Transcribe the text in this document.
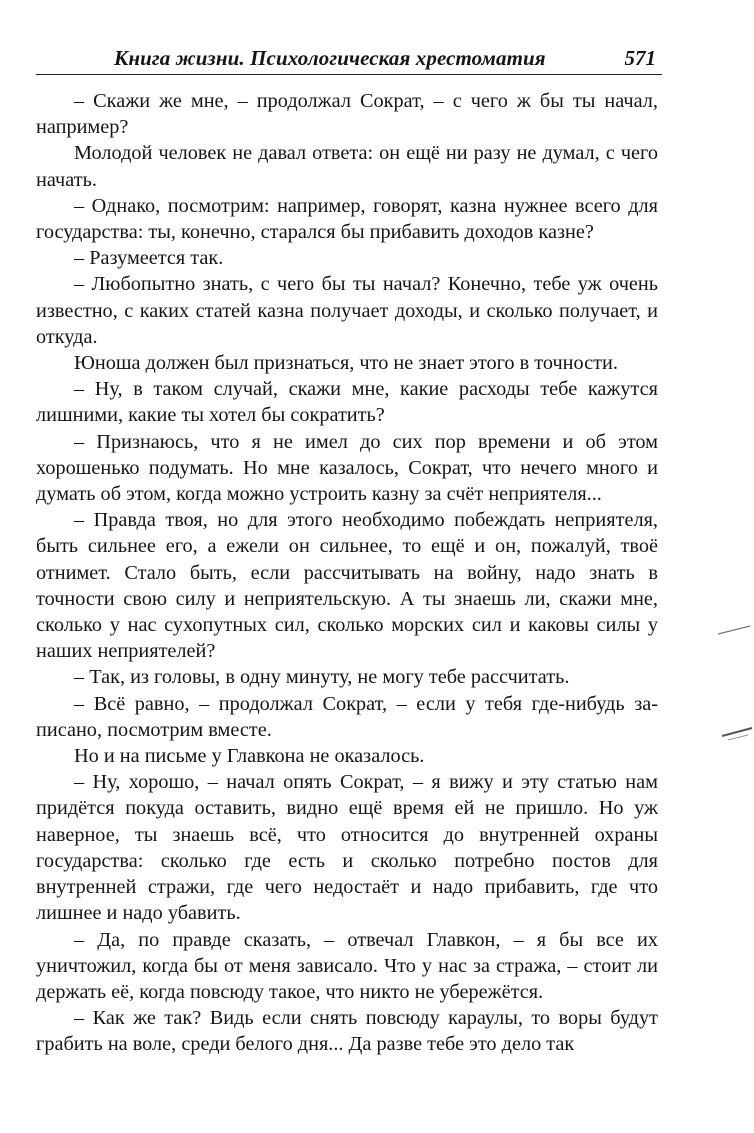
Книга жизни. Психологическая хрестоматия	571

– Скажи же мне, – продолжал Сократ, – с чего ж бы ты начал, например?

Молодой человек не давал ответа: он ещё ни разу не думал, с чего начать.

– Однако, посмотрим: например, говорят, казна нужнее всего для государства: ты, конечно, старался бы прибавить доходов казне?

– Разумеется так.

– Любопытно знать, с чего бы ты начал? Конечно, тебе уж очень известно, с каких статей казна получает доходы, и сколько получает, и откуда.

Юноша должен был признаться, что не знает этого в точности.

– Ну, в таком случай, скажи мне, какие расходы тебе кажутся лишними, какие ты хотел бы сократить?

– Признаюсь, что я не имел до сих пор времени и об этом хорошенько подумать. Но мне казалось, Сократ, что нечего много и думать об этом, когда можно устроить казну за счёт неприятеля...

– Правда твоя, но для этого необходимо побеждать неприятеля, быть сильнее его, а ежели он сильнее, то ещё и он, пожалуй, твоё отнимет. Стало быть, если рассчитывать на войну, надо знать в точности свою силу и неприятельскую. А ты знаешь ли, скажи мне, сколько у нас сухопутных сил, сколько морских сил и каковы силы у наших неприятелей?

– Так, из головы, в одну минуту, не могу тебе рассчитать.

– Всё равно, – продолжал Сократ, – если у тебя где-нибудь записано, посмотрим вместе.

Но и на письме у Главкона не оказалось.

– Ну, хорошо, – начал опять Сократ, – я вижу и эту статью нам придётся покуда оставить, видно ещё время ей не пришло. Но уж наверное, ты знаешь всё, что относится до внутренней охраны государства: сколько где есть и сколько потребно постов для внутренней стражи, где чего недостаёт и надо прибавить, где что лишнее и надо убавить.

– Да, по правде сказать, – отвечал Главкон, – я бы все их уничтожил, когда бы от меня зависало. Что у нас за стража, – стоит ли держать её, когда повсюду такое, что никто не убережётся.

– Как же так? Видь если снять повсюду караулы, то воры будут грабить на воле, среди белого дня... Да разве тебе это дело так
